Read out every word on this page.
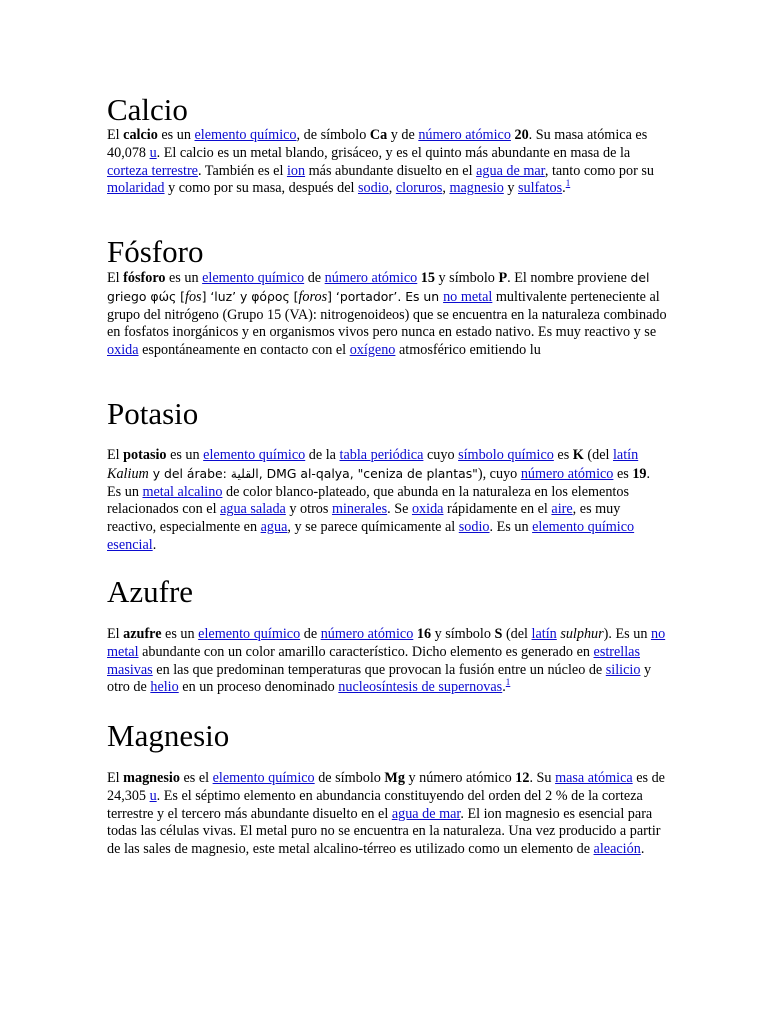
Calcio

El calcio es un elemento químico, de símbolo Ca y de número atómico 20. Su masa atómica es 40,078 u. El calcio es un metal blando, grisáceo, y es el quinto más abundante en masa de la corteza terrestre. También es el ion más abundante disuelto en el agua de mar, tanto como por su molaridad y como por su masa, después del sodio, cloruros, magnesio y sulfatos.$^1$

Fósforo

El fósforo es un elemento químico de número atómico 15 y símbolo P. El nombre proviene del griego φώς [fos] ‘luz’ y φόρος [foros] ‘portador’. Es un no metal multivalente perteneciente al grupo del nitrógeno (Grupo 15 (VA): nitrogenoideos) que se encuentra en la naturaleza combinado en fosfatos inorgánicos y en organismos vivos pero nunca en estado nativo. Es muy reactivo y se oxida espontáneamente en contacto con el oxígeno atmosférico emitiendo lu

Potasio

El potasio es un elemento químico de la tabla periódica cuyo símbolo químico es K (del latín Kalium y del árabe: القلية, DMG al-qalya, "ceniza de plantas"), cuyo número atómico es 19. Es un metal alcalino de color blanco-plateado, que abunda en la naturaleza en los elementos relacionados con el agua salada y otros minerales. Se oxida rápidamente en el aire, es muy reactivo, especialmente en agua, y se parece químicamente al sodio. Es un elemento químico esencial.

Azufre

El azufre es un elemento químico de número atómico 16 y símbolo S (del latín sulphur). Es un no metal abundante con un color amarillo característico. Dicho elemento es generado en estrellas masivas en las que predominan temperaturas que provocan la fusión entre un núcleo de silicio y otro de helio en un proceso denominado nucleosíntesis de supernovas.$^1$

Magnesio

El magnesio es el elemento químico de símbolo Mg y número atómico 12. Su masa atómica es de 24,305 u. Es el séptimo elemento en abundancia constituyendo del orden del 2 % de la corteza terrestre y el tercero más abundante disuelto en el agua de mar. El ion magnesio es esencial para todas las células vivas. El metal puro no se encuentra en la naturaleza. Una vez producido a partir de las sales de magnesio, este metal alcalino-térreo es utilizado como un elemento de aleación.
